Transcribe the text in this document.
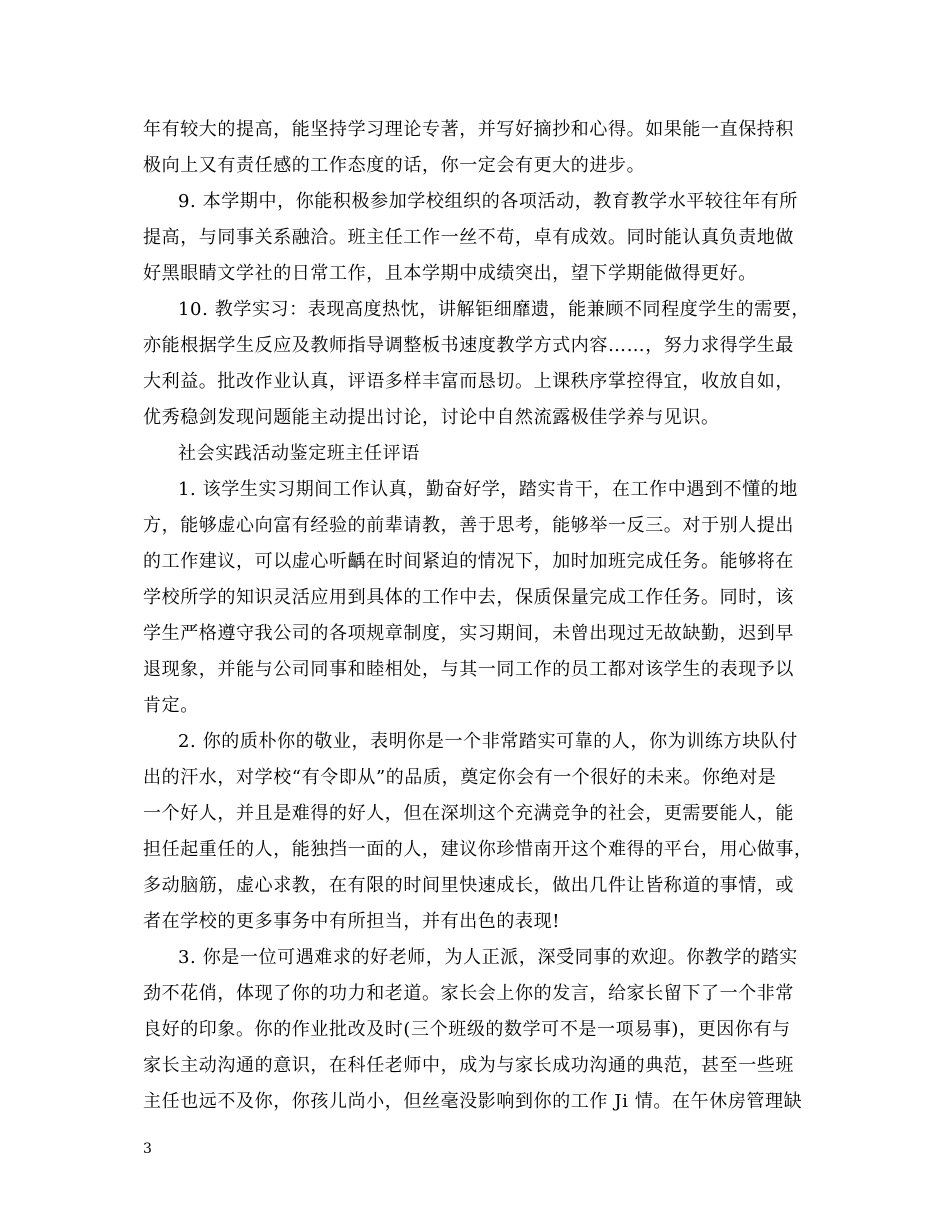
年有较大的提高，能坚持学习理论专著，并写好摘抄和心得。如果能一直保持积
极向上又有责任感的工作态度的话，你一定会有更大的进步。
9. 本学期中，你能积极参加学校组织的各项活动，教育教学水平较往年有所
提高，与同事关系融洽。班主任工作一丝不苟，卓有成效。同时能认真负责地做
好黑眼睛文学社的日常工作，且本学期中成绩突出，望下学期能做得更好。
10. 教学实习：表现高度热忱，讲解钜细靡遗，能兼顾不同程度学生的需要，
亦能根据学生反应及教师指导调整板书速度教学方式内容……，努力求得学生最
大利益。批改作业认真，评语多样丰富而恳切。上课秩序掌控得宜，收放自如，
优秀稳剑发现问题能主动提出讨论，讨论中自然流露极佳学养与见识。
社会实践活动鉴定班主任评语
1. 该学生实习期间工作认真，勤奋好学，踏实肯干，在工作中遇到不懂的地
方，能够虚心向富有经验的前辈请教，善于思考，能够举一反三。对于别人提出
的工作建议，可以虚心听齲在时间紧迫的情况下，加时加班完成任务。能够将在
学校所学的知识灵活应用到具体的工作中去，保质保量完成工作任务。同时，该
学生严格遵守我公司的各项规章制度，实习期间，未曾出现过无故缺勤，迟到早
退现象，并能与公司同事和睦相处，与其一同工作的员工都对该学生的表现予以
肯定。
2. 你的质朴你的敬业，表明你是一个非常踏实可靠的人，你为训练方块队付
出的汗水，对学校“有令即从”的品质，奠定你会有一个很好的未来。你绝对是
一个好人，并且是难得的好人，但在深圳这个充满竞争的社会，更需要能人，能
担任起重任的人，能独挡一面的人，建议你珍惜南开这个难得的平台，用心做事，
多动脑筋，虚心求教，在有限的时间里快速成长，做出几件让皆称道的事情，或
者在学校的更多事务中有所担当，并有出色的表现!
3. 你是一位可遇难求的好老师，为人正派，深受同事的欢迎。你教学的踏实
劲不花俏，体现了你的功力和老道。家长会上你的发言，给家长留下了一个非常
良好的印象。你的作业批改及时(三个班级的数学可不是一项易事)，更因你有与
家长主动沟通的意识，在科任老师中，成为与家长成功沟通的典范，甚至一些班
主任也远不及你，你孩儿尚小，但丝毫没影响到你的工作 Ji 情。在午休房管理缺
3
